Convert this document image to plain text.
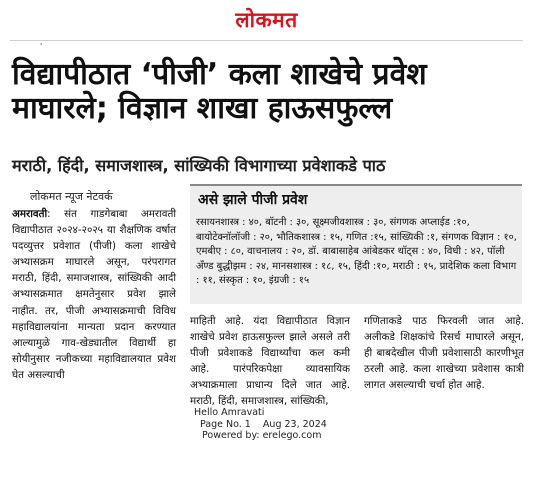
लोकमत
'
विद्यापीठात ‘पीजी’ कला शाखेचे प्रवेश माघारले; विज्ञान शाखा हाऊसफुल्ल
मराठी, हिंदी, समाजशास्त्र, सांख्यिकी विभागाच्या प्रवेशाकडे पाठ
लोकमत न्यूज नेटवर्क
अमरावती: संत गाडगेबाबा अमरावती विद्यापीठात २०२४-२०२५ या शैक्षणिक वर्षात पदव्युत्तर प्रवेशात (पीजी) कला शाखेचे अभ्यासक्रम माघारले असून, परंपरागत मराठी, हिंदी, समाजशास्त्र, सांख्यिकी आदी अभ्यासक्रमात क्षमतेनुसार प्रवेश झाले नाहीत. तर, पीजी अभ्यासक्रमाची विविध महाविद्यालयांना मान्यता प्रदान करण्यात आल्यामुळे गाव-खेड्यातील विद्यार्थी हा सोयीनुसार नजीकच्या महाविद्यालयात प्रवेश घेत असल्याची
असे झाले पीजी प्रवेश
रसायनशास्त्र : ४०, बॉटनी : ३०, सूक्ष्मजीवशास्त्र : ३०, संगणक अप्लाईड :१०, बायोटेक्नॉलॉजी : २०, भौतिकशास्त्र : १५, गणित :१५, सांख्यिकी :१, संगणक विज्ञान : १०, एमबीए : ८०, वाचनालय : २०, डॉ. बाबासाहेब आंबेडकर थॉट्स : ४०, विधी : ४२, पॉली अँण्ड बुद्धीझम : २४, मानसशास्त्र : १८, १५, हिंदी :१०, मराठी : १५, प्रादेशिक कला विभाग : ११, संस्कृत : १०, इंग्रजी : १५
माहिती आहे. यंदा विद्यापीठात विज्ञान शाखेचे प्रवेश हाऊसफुल्ल झाले असले तरी पीजी प्रवेशाकडे विद्यार्थ्यांचा कल कमी आहे. पारंपरिकपेक्षा व्यावसायिक अभ्याक्रमाला प्राधान्य दिले जात आहे. मराठी, हिंदी, समाजशास्त्र, सांख्यिकी,
गणिताकडे पाठ फिरवली जात आहे. अलीकडे शिक्षकांचे रिसर्च माघारले असून, ही बाबदेखील पीजी प्रवेशासाठी कारणीभूत ठरली आहे. कला शाखेच्या प्रवेशास कात्री लागत असल्याची चर्चा होत आहे.
Hello Amravati
Page No. 1    Aug 23, 2024
Powered by: erelego.com
